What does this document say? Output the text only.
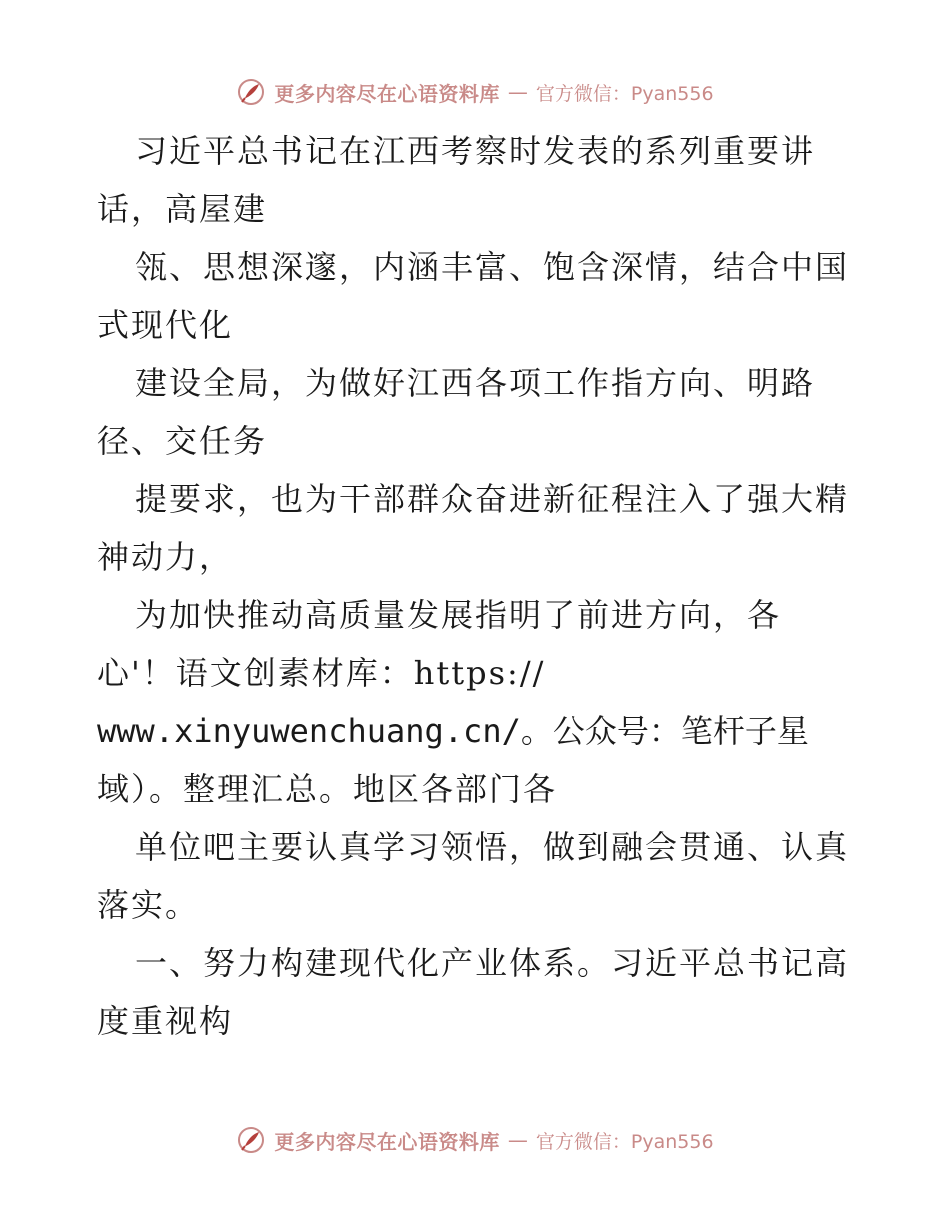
更多内容尽在心语资料库 — 官方微信：Pyan556
习近平总书记在江西考察时发表的系列重要讲
话，高屋建
瓴、思想深邃，内涵丰富、饱含深情，结合中国
式现代化
建设全局，为做好江西各项工作指方向、明路
径、交任务
提要求，也为干部群众奋进新征程注入了强大精
神动力，
为加快推动高质量发展指明了前进方向，各
心'！语文创素材库：https://
www.xinyuwenchuang.cn/。公众号：笔杆子星
域）。整理汇总。地区各部门各
单位吧主要认真学习领悟，做到融会贯通、认真
落实。
一、努力构建现代化产业体系。习近平总书记高
度重视构
更多内容尽在心语资料库 — 官方微信：Pyan556
